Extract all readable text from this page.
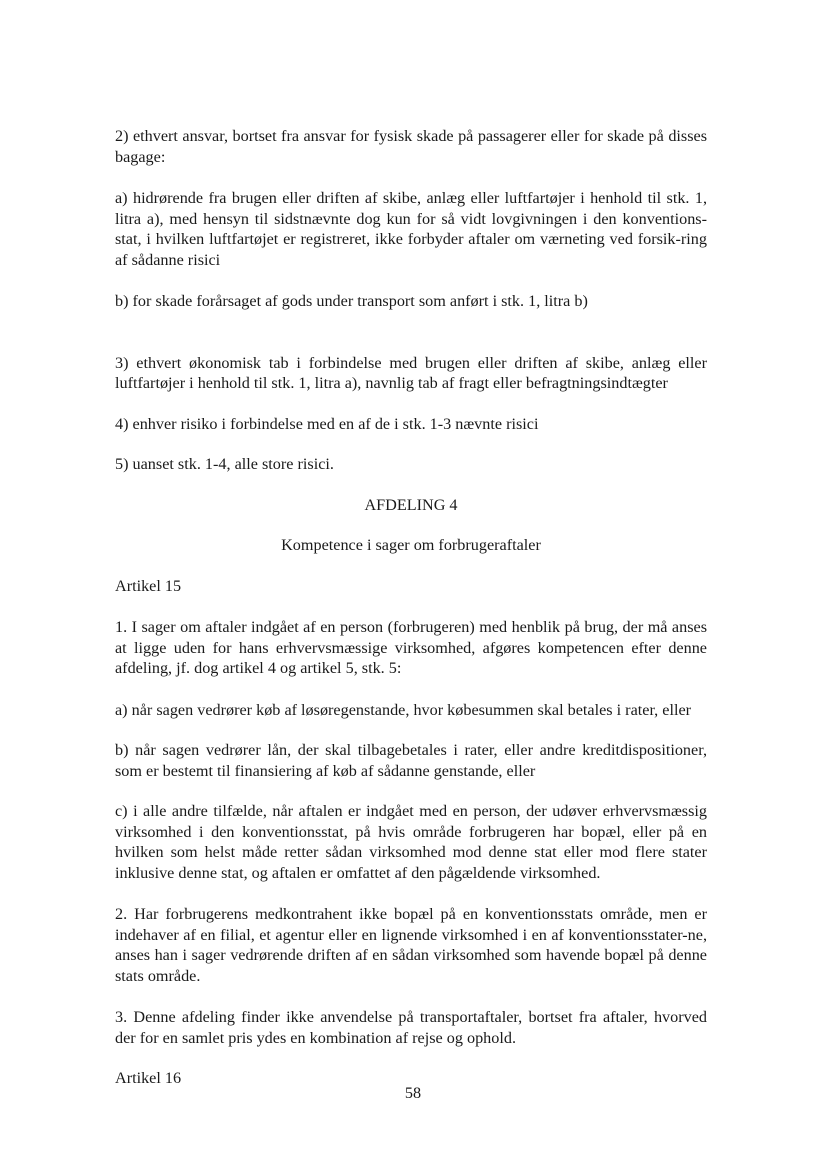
2) ethvert ansvar, bortset fra ansvar for fysisk skade på passagerer eller for skade på disses bagage:

a) hidrørende fra brugen eller driften af skibe, anlæg eller luftfartøjer i henhold til stk. 1, litra a), med hensyn til sidstnævnte dog kun for så vidt lovgivningen i den konventions-stat, i hvilken luftfartøjet er registreret, ikke forbyder aftaler om værneting ved forsik-ring af sådanne risici

b) for skade forårsaget af gods under transport som anført i stk. 1, litra b)

3) ethvert økonomisk tab i forbindelse med brugen eller driften af skibe, anlæg eller luftfartøjer i henhold til stk. 1, litra a), navnlig tab af fragt eller befragtningsindtægter

4) enhver risiko i forbindelse med en af de i stk. 1-3 nævnte risici

5) uanset stk. 1-4, alle store risici.

AFDELING 4

Kompetence i sager om forbrugeraftaler

Artikel 15

1. I sager om aftaler indgået af en person (forbrugeren) med henblik på brug, der må anses at ligge uden for hans erhvervsmæssige virksomhed, afgøres kompetencen efter denne afdeling, jf. dog artikel 4 og artikel 5, stk. 5:

a) når sagen vedrører køb af løsøregenstande, hvor købesummen skal betales i rater, eller

b) når sagen vedrører lån, der skal tilbagebetales i rater, eller andre kreditdispositioner, som er bestemt til finansiering af køb af sådanne genstande, eller

c) i alle andre tilfælde, når aftalen er indgået med en person, der udøver erhvervsmæssig virksomhed i den konventionsstat, på hvis område forbrugeren har bopæl, eller på en hvilken som helst måde retter sådan virksomhed mod denne stat eller mod flere stater inklusive denne stat, og aftalen er omfattet af den pågældende virksomhed.

2. Har forbrugerens medkontrahent ikke bopæl på en konventionsstats område, men er indehaver af en filial, et agentur eller en lignende virksomhed i en af konventionsstater-ne, anses han i sager vedrørende driften af en sådan virksomhed som havende bopæl på denne stats område.

3. Denne afdeling finder ikke anvendelse på transportaftaler, bortset fra aftaler, hvorved der for en samlet pris ydes en kombination af rejse og ophold.

Artikel 16

58
